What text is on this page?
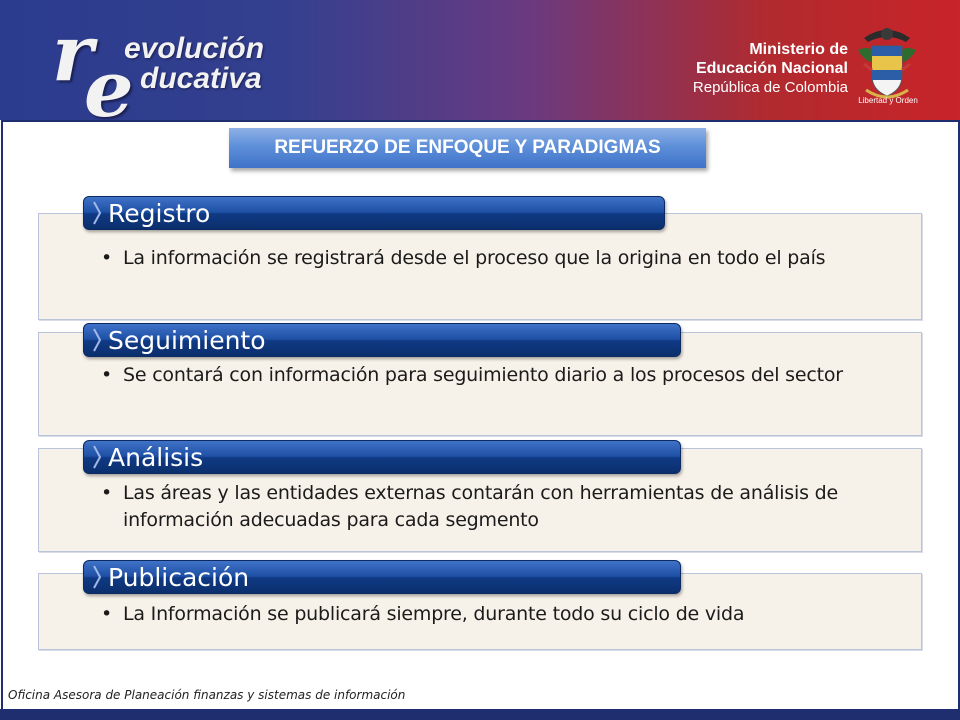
r
e
evolución
ducativa
Ministerio de
Educación Nacional
República de Colombia
Libertad y Orden
REFUERZO DE ENFOQUE Y PARADIGMAS
• La información se registrará desde el proceso que la origina en todo el país
Registro
• Se contará con información para seguimiento diario a los procesos del sector
Seguimiento
• Las áreas y las entidades externas contarán con herramientas de análisis de información adecuadas para cada segmento
Análisis
• La Información se publicará siempre, durante todo su ciclo de vida
Publicación
Oficina Asesora de Planeación finanzas y sistemas de información
